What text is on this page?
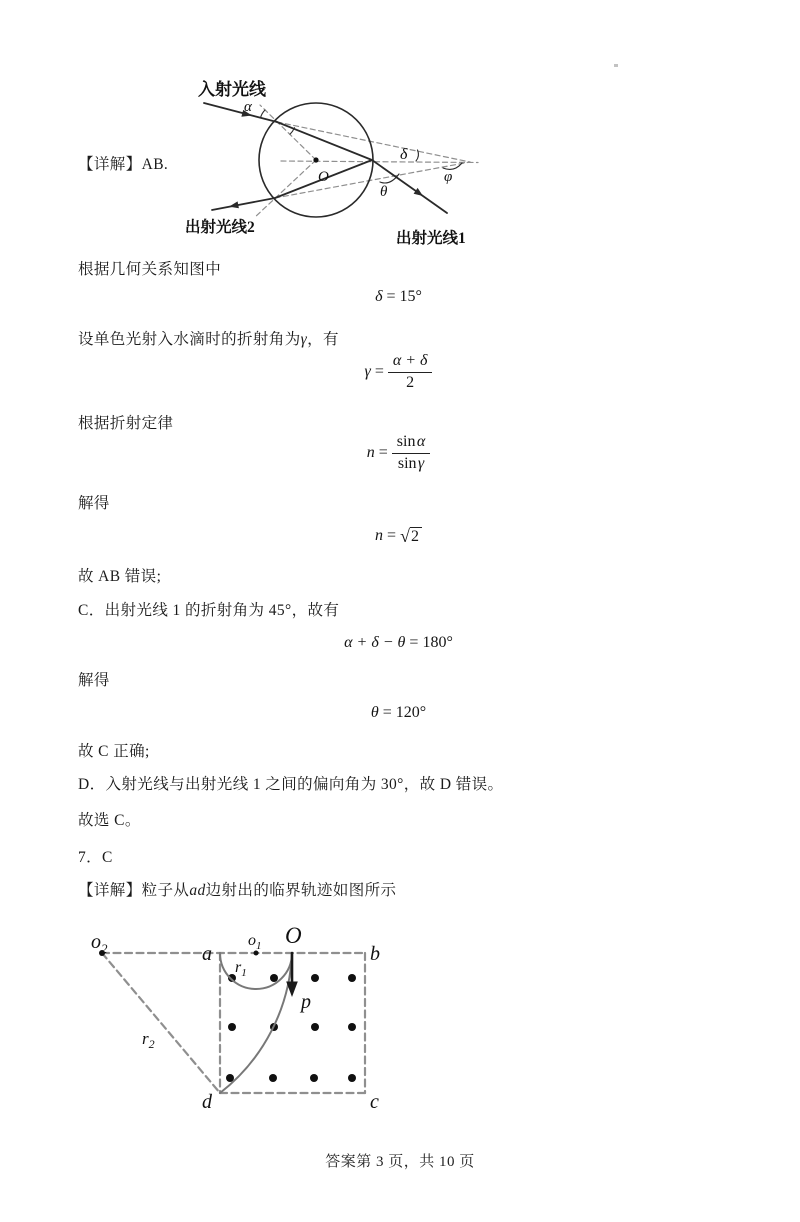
入射光线
出射光线2
出射光线1
α
δ
φ
θ
O
$o_2$	a
$o_1$ O
b
$r_1$
p
$r_2$
d	c
【详解】AB.
根据几何关系知图中
δ = 15°
设单色光射入水滴时的折射角为γ，有
$\gamma = \frac{\alpha + \delta}{2}$
根据折射定律
$n = \frac{\text{sin α}}{\text{sin γ}}$
解得
n = √ 2
故 AB 错误;
C．出射光线 1 的折射角为 45°，故有
α + δ − θ = 180°
解得
θ = 120°
故 C 正确;
D．入射光线与出射光线 1 之间的偏向角为 30°，故 D 错误。
故选 C。
7．C
【详解】粒子从ad边射出的临界轨迹如图所示
答案第 3 页，共 10 页
